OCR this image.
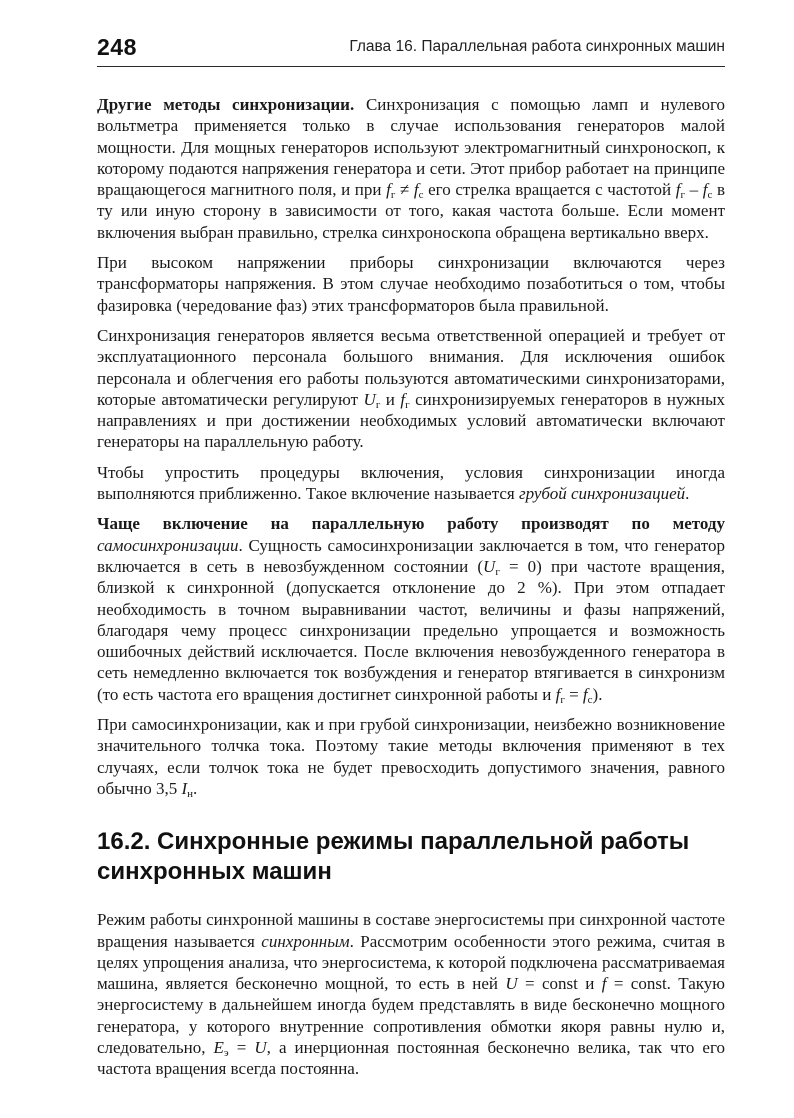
248	Глава 16. Параллельная работа синхронных машин

Другие методы синхронизации. Синхронизация с помощью ламп и нулевого вольтметра применяется только в случае использования генераторов малой мощности. Для мощных генераторов используют электромагнитный синхроноскоп, к которому подаются напряжения генератора и сети. Этот прибор работает на принципе вращающегося магнитного поля, и при $f_г \ne f_с$ его стрелка вращается с частотой $f_г - f_с$ в ту или иную сторону в зависимости от того, какая частота больше. Если момент включения выбран правильно, стрелка синхроноскопа обращена вертикально вверх.

При высоком напряжении приборы синхронизации включаются через трансформаторы напряжения. В этом случае необходимо позаботиться о том, чтобы фазировка (чередование фаз) этих трансформаторов была правильной.

Синхронизация генераторов является весьма ответственной операцией и требует от эксплуатационного персонала большого внимания. Для исключения ошибок персонала и облегчения его работы пользуются автоматическими синхронизаторами, которые автоматически регулируют $U_г$ и $f_г$ синхронизируемых генераторов в нужных направлениях и при достижении необходимых условий автоматически включают генераторы на параллельную работу.

Чтобы упростить процедуры включения, условия синхронизации иногда выполняются приближенно. Такое включение называется грубой синхронизацией.

Чаще включение на параллельную работу производят по методу самосинхронизации. Сущность самосинхронизации заключается в том, что генератор включается в сеть в невозбужденном состоянии $(U_г = 0)$ при частоте вращения, близкой к синхронной (допускается отклонение до 2 %). При этом отпадает необходимость в точном выравнивании частот, величины и фазы напряжений, благодаря чему процесс синхронизации предельно упрощается и возможность ошибочных действий исключается. После включения невозбужденного генератора в сеть немедленно включается ток возбуждения и генератор втягивается в синхронизм (то есть частота его вращения достигнет синхронной работы и $f_г = f_с$).

При самосинхронизации, как и при грубой синхронизации, неизбежно возникновение значительного толчка тока. Поэтому такие методы включения применяют в тех случаях, если толчок тока не будет превосходить допустимого значения, равного обычно 3,5 $I_н$.

16.2. Синхронные режимы параллельной работы синхронных машин

Режим работы синхронной машины в составе энергосистемы при синхронной частоте вращения называется синхронным. Рассмотрим особенности этого режима, считая в целях упрощения анализа, что энергосистема, к которой подключена рассматриваемая машина, является бесконечно мощной, то есть в ней U = const и f = const. Такую энергосистему в дальнейшем иногда будем представлять в виде бесконечно мощного генератора, у которого внутренние сопротивления обмотки якоря равны нулю и, следовательно, $E_э = U$, а инерционная постоянная бесконечно велика, так что его частота вращения всегда постоянна.
